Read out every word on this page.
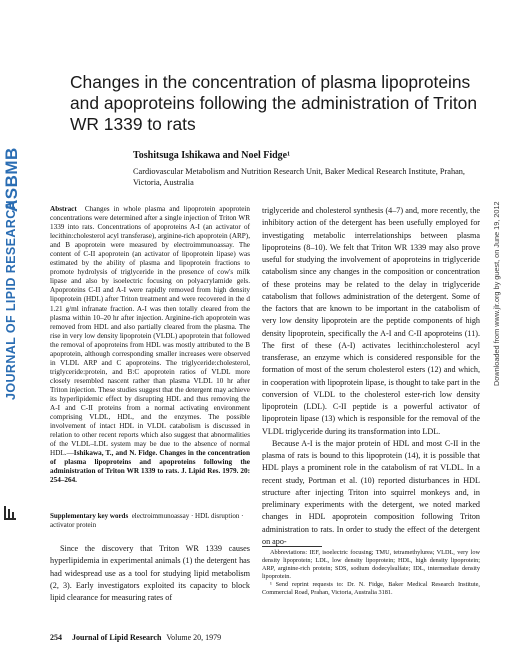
ASBMB
JOURNAL OF LIPID RESEARCH	Downloaded from www.jlr.org by guest, on June 19, 2012
Changes in the concentration of plasma lipoproteins and apoproteins following the administration of Triton WR 1339 to rats
Toshitsuga Ishikawa and Noel Fidge¹
Cardiovascular Metabolism and Nutrition Research Unit, Baker Medical Research Institute, Prahan, Victoria, Australia
Abstract Changes in whole plasma and lipoprotein apoprotein concentrations were determined after a single injection of Triton WR 1339 into rats. Concentrations of apoproteins A-I (an activator of lecithin:cholesterol acyl transferase), arginine-rich apoprotein (ARP), and B apoprotein were measured by electroimmunoassay. The content of C-II apoprotein (an activator of lipoprotein lipase) was estimated by the ability of plasma and lipoprotein fractions to promote hydrolysis of triglyceride in the presence of cow's milk lipase and also by isoelectric focusing on polyacrylamide gels. Apoproteins C-II and A-I were rapidly removed from high density lipoprotein (HDL) after Triton treatment and were recovered in the d 1.21 g/ml infranate fraction. A-I was then totally cleared from the plasma within 10–20 hr after injection. Arginine-rich apoprotein was removed from HDL and also partially cleared from the plasma. The rise in very low density lipoprotein (VLDL) apoprotein that followed the removal of apoproteins from HDL was mostly attributed to the B apoprotein, although corresponding smaller increases were observed in VLDL ARP and C apoproteins. The triglyceride:cholesterol, triglyceride:protein, and B:C apoprotein ratios of VLDL more closely resembled nascent rather than plasma VLDL 10 hr after Triton injection. These studies suggest that the detergent may achieve its hyperlipidemic effect by disrupting HDL and thus removing the A-I and C-II proteins from a normal activating environment comprising VLDL, HDL, and the enzymes. The possible involvement of intact HDL in VLDL catabolism is discussed in relation to other recent reports which also suggest that abnormalities of the VLDL–LDL system may be due to the absence of normal HDL.—Ishikawa, T., and N. Fidge. Changes in the concentration of plasma lipoproteins and apoproteins following the administration of Triton WR 1339 to rats. J. Lipid Res. 1979. 20: 254–264.
Supplementary key words electroimmunoassay · HDL disruption · activator protein
Since the discovery that Triton WR 1339 causes hyperlipidemia in experimental animals (1) the detergent has had widespread use as a tool for studying lipid metabolism (2, 3). Early investigators exploited its capacity to block lipid clearance for measuring rates of

triglyceride and cholesterol synthesis (4–7) and, more recently, the inhibitory action of the detergent has been usefully employed for investigating metabolic interrelationships between plasma lipoproteins (8–10). We felt that Triton WR 1339 may also prove useful for studying the involvement of apoproteins in triglyceride catabolism since any changes in the composition or concentration of these proteins may be related to the delay in triglyceride catabolism that follows administration of the detergent. Some of the factors that are known to be important in the catabolism of very low density lipoprotein are the peptide components of high density lipoprotein, specifically the A-I and C-II apoproteins (11). The first of these (A-I) activates lecithin:cholesterol acyl transferase, an enzyme which is considered responsible for the formation of most of the serum cholesterol esters (12) and which, in cooperation with lipoprotein lipase, is thought to take part in the conversion of VLDL to the cholesterol ester-rich low density lipoprotein (LDL). C-II peptide is a powerful activator of lipoprotein lipase (13) which is responsible for the removal of the VLDL triglyceride during its transformation into LDL.

Because A-I is the major protein of HDL and most C-II in the plasma of rats is bound to this lipoprotein (14), it is possible that HDL plays a prominent role in the catabolism of rat VLDL. In a recent study, Portman et al. (10) reported disturbances in HDL structure after injecting Triton into squirrel monkeys and, in preliminary experiments with the detergent, we noted marked changes in HDL apoprotein composition following Triton administration to rats. In order to study the effect of the detergent on apo-

Abbreviations: IEF, isoelectric focusing; TMU, tetramethylurea; VLDL, very low density lipoprotein; LDL, low density lipoprotein; HDL, high density lipoprotein; ARP, arginine-rich protein; SDS, sodium dodecylsulfate; IDL, intermediate density lipoprotein.

¹ Send reprint requests to: Dr. N. Fidge, Baker Medical Research Institute, Commercial Road, Prahan, Victoria, Australia 3181.

254 Journal of Lipid Research Volume 20, 1979
